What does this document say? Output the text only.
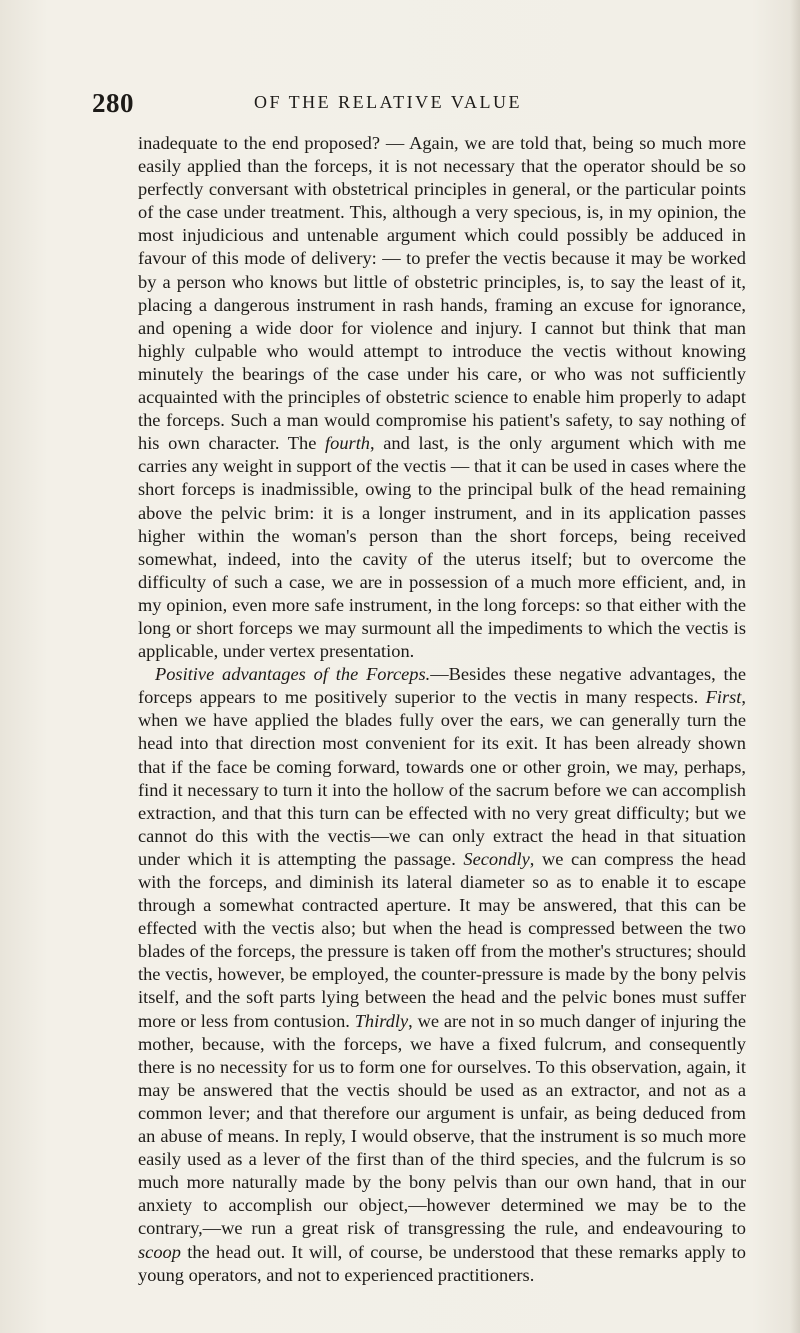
280	OF THE RELATIVE VALUE

inadequate to the end proposed? — Again, we are told that, being so much more easily applied than the forceps, it is not necessary that the operator should be so perfectly conversant with obstetrical principles in general, or the particular points of the case under treatment. This, although a very specious, is, in my opinion, the most injudicious and untenable argument which could possibly be adduced in favour of this mode of delivery: — to prefer the vectis because it may be worked by a person who knows but little of obstetric principles, is, to say the least of it, placing a dangerous instrument in rash hands, framing an excuse for ignorance, and opening a wide door for violence and injury. I cannot but think that man highly culpable who would attempt to introduce the vectis without knowing minutely the bearings of the case under his care, or who was not sufficiently acquainted with the principles of obstetric science to enable him properly to adapt the forceps. Such a man would compromise his patient's safety, to say nothing of his own character. The fourth, and last, is the only argument which with me carries any weight in support of the vectis — that it can be used in cases where the short forceps is inadmissible, owing to the principal bulk of the head remaining above the pelvic brim: it is a longer instrument, and in its application passes higher within the woman's person than the short forceps, being received somewhat, indeed, into the cavity of the uterus itself; but to overcome the difficulty of such a case, we are in possession of a much more efficient, and, in my opinion, even more safe instrument, in the long forceps: so that either with the long or short forceps we may surmount all the impediments to which the vectis is applicable, under vertex presentation.

Positive advantages of the Forceps.—Besides these negative advantages, the forceps appears to me positively superior to the vectis in many respects. First, when we have applied the blades fully over the ears, we can generally turn the head into that direction most convenient for its exit. It has been already shown that if the face be coming forward, towards one or other groin, we may, perhaps, find it necessary to turn it into the hollow of the sacrum before we can accomplish extraction, and that this turn can be effected with no very great difficulty; but we cannot do this with the vectis—we can only extract the head in that situation under which it is attempting the passage. Secondly, we can compress the head with the forceps, and diminish its lateral diameter so as to enable it to escape through a somewhat contracted aperture. It may be answered, that this can be effected with the vectis also; but when the head is compressed between the two blades of the forceps, the pressure is taken off from the mother's structures; should the vectis, however, be employed, the counter-pressure is made by the bony pelvis itself, and the soft parts lying between the head and the pelvic bones must suffer more or less from contusion. Thirdly, we are not in so much danger of injuring the mother, because, with the forceps, we have a fixed fulcrum, and consequently there is no necessity for us to form one for ourselves. To this observation, again, it may be answered that the vectis should be used as an extractor, and not as a common lever; and that therefore our argument is unfair, as being deduced from an abuse of means. In reply, I would observe, that the instrument is so much more easily used as a lever of the first than of the third species, and the fulcrum is so much more naturally made by the bony pelvis than our own hand, that in our anxiety to accomplish our object,—however determined we may be to the contrary,—we run a great risk of transgressing the rule, and endeavouring to scoop the head out. It will, of course, be understood that these remarks apply to young operators, and not to experienced practitioners.
